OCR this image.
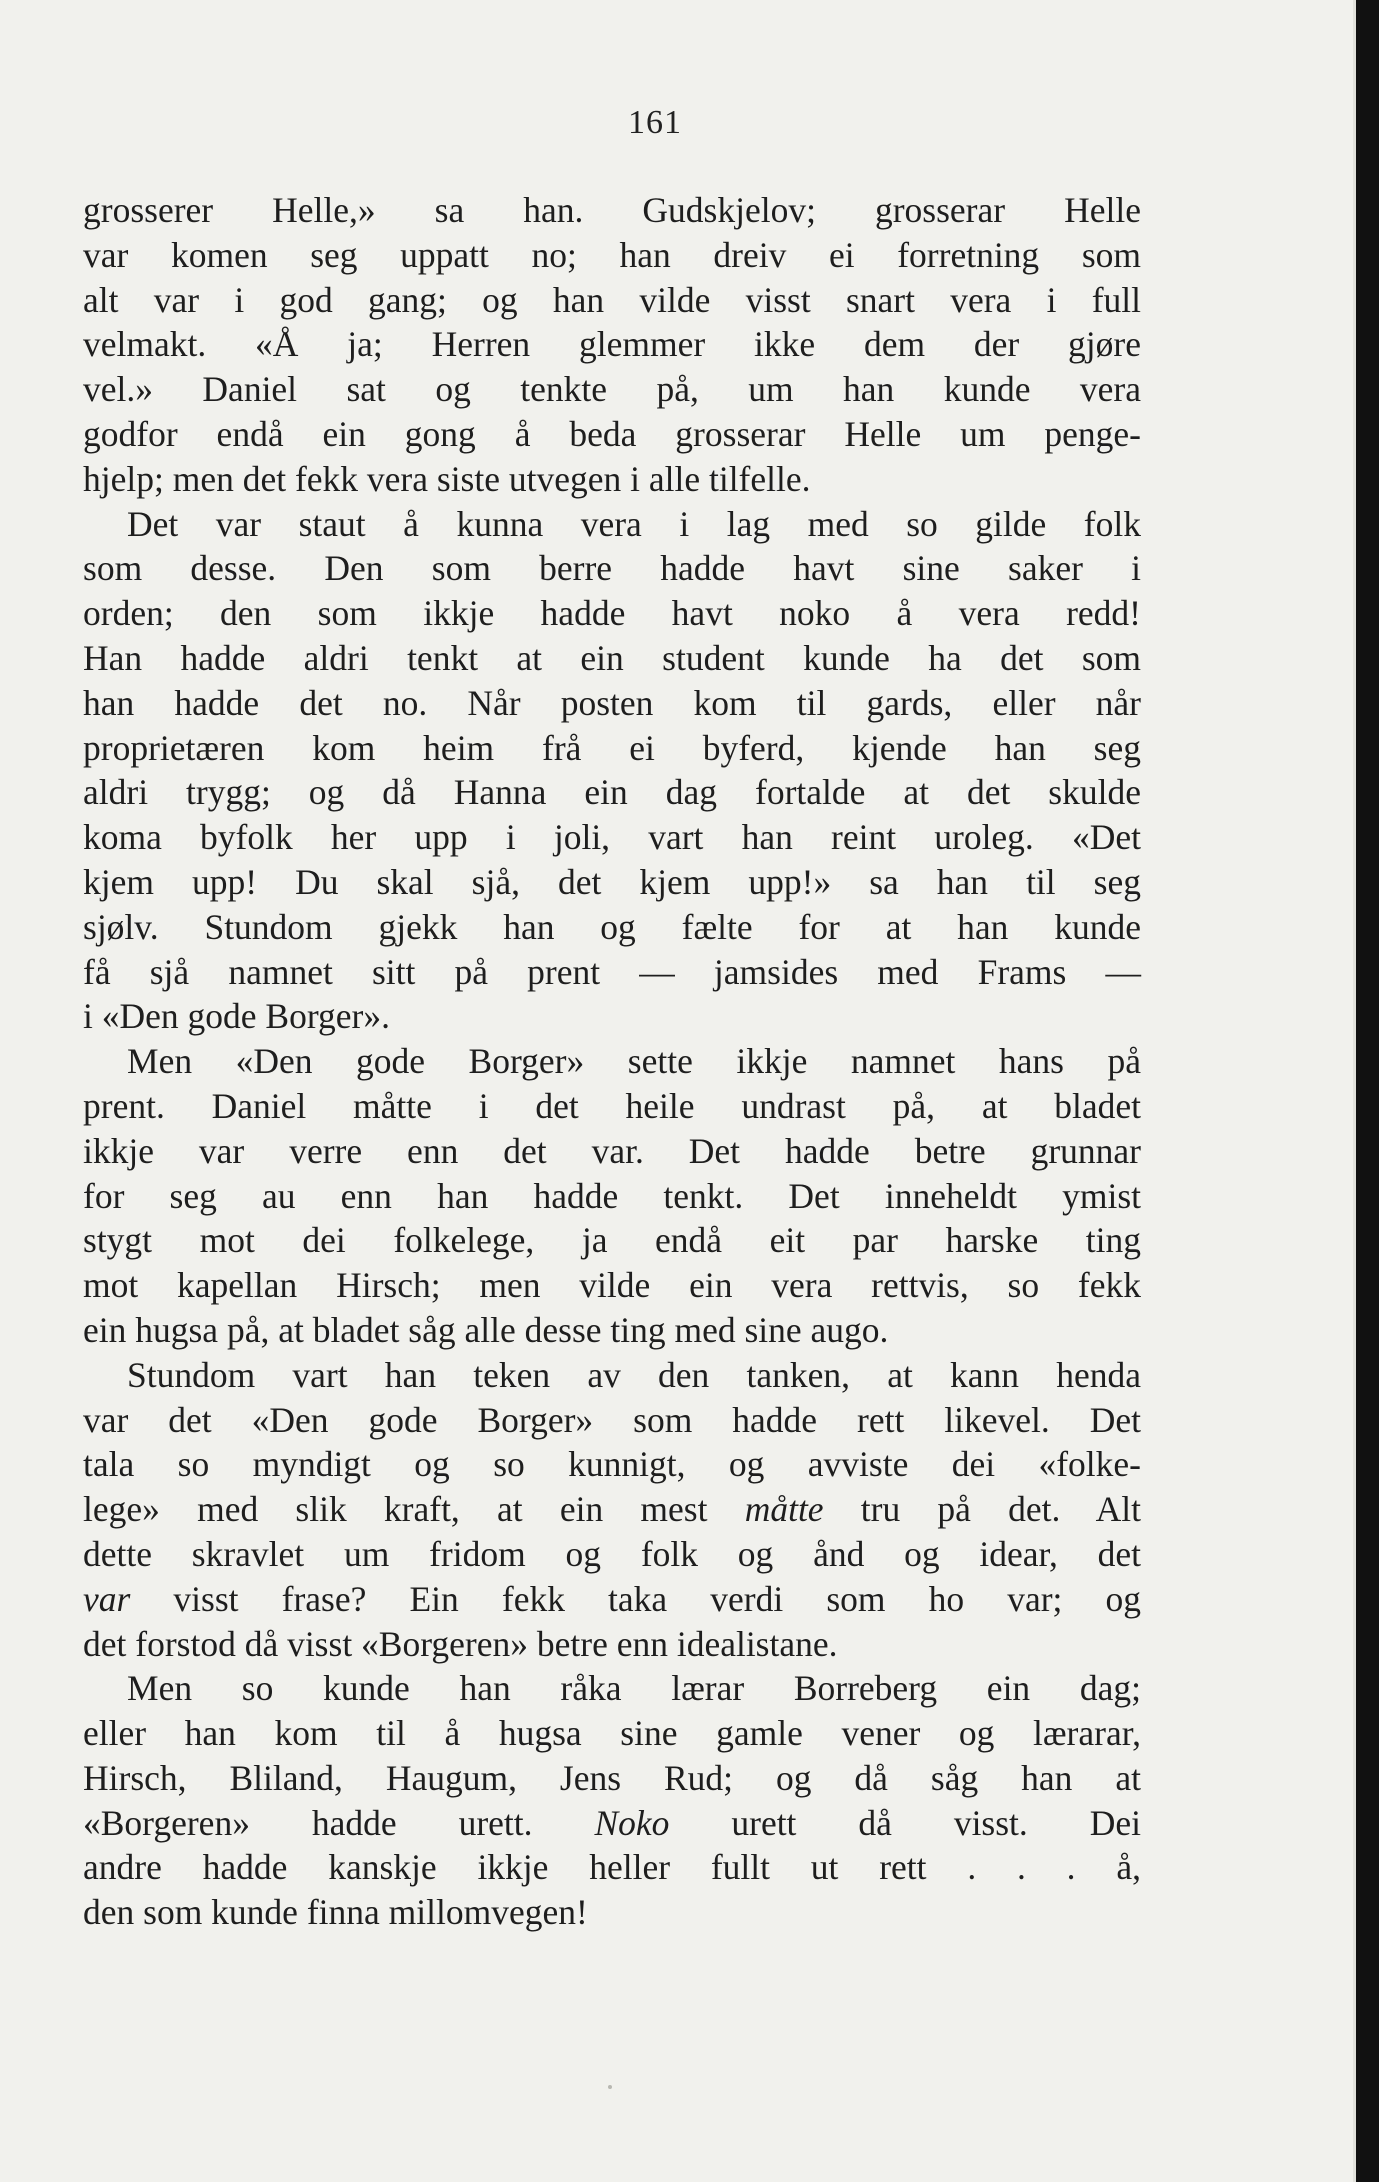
161
grosserer Helle,» sa han. Gudskjelov; grosserar Helle
var komen seg uppatt no; han dreiv ei forretning som
alt var i god gang; og han vilde visst snart vera i full
velmakt. «Å ja; Herren glemmer ikke dem der gjøre
vel.» Daniel sat og tenkte på, um han kunde vera
godfor endå ein gong å beda grosserar Helle um penge-
hjelp; men det fekk vera siste utvegen i alle tilfelle.
Det var staut å kunna vera i lag med so gilde folk
som desse. Den som berre hadde havt sine saker i
orden; den som ikkje hadde havt noko å vera redd!
Han hadde aldri tenkt at ein student kunde ha det som
han hadde det no. Når posten kom til gards, eller når
proprietæren kom heim frå ei byferd, kjende han seg
aldri trygg; og då Hanna ein dag fortalde at det skulde
koma byfolk her upp i joli, vart han reint uroleg. «Det
kjem upp! Du skal sjå, det kjem upp!» sa han til seg
sjølv. Stundom gjekk han og fælte for at han kunde
få sjå namnet sitt på prent — jamsides med Frams —
i «Den gode Borger».
Men «Den gode Borger» sette ikkje namnet hans på
prent. Daniel måtte i det heile undrast på, at bladet
ikkje var verre enn det var. Det hadde betre grunnar
for seg au enn han hadde tenkt. Det inneheldt ymist
stygt mot dei folkelege, ja endå eit par harske ting
mot kapellan Hirsch; men vilde ein vera rettvis, so fekk
ein hugsa på, at bladet såg alle desse ting med sine augo.
Stundom vart han teken av den tanken, at kann henda
var det «Den gode Borger» som hadde rett likevel. Det
tala so myndigt og so kunnigt, og avviste dei «folke-
lege» med slik kraft, at ein mest måtte tru på det. Alt
dette skravlet um fridom og folk og ånd og idear, det
var visst frase? Ein fekk taka verdi som ho var; og
det forstod då visst «Borgeren» betre enn idealistane.
Men so kunde han råka lærar Borreberg ein dag;
eller han kom til å hugsa sine gamle vener og lærarar,
Hirsch, Bliland, Haugum, Jens Rud; og då såg han at
«Borgeren» hadde urett. Noko urett då visst. Dei
andre hadde kanskje ikkje heller fullt ut rett . . . å,
den som kunde finna millomvegen!
